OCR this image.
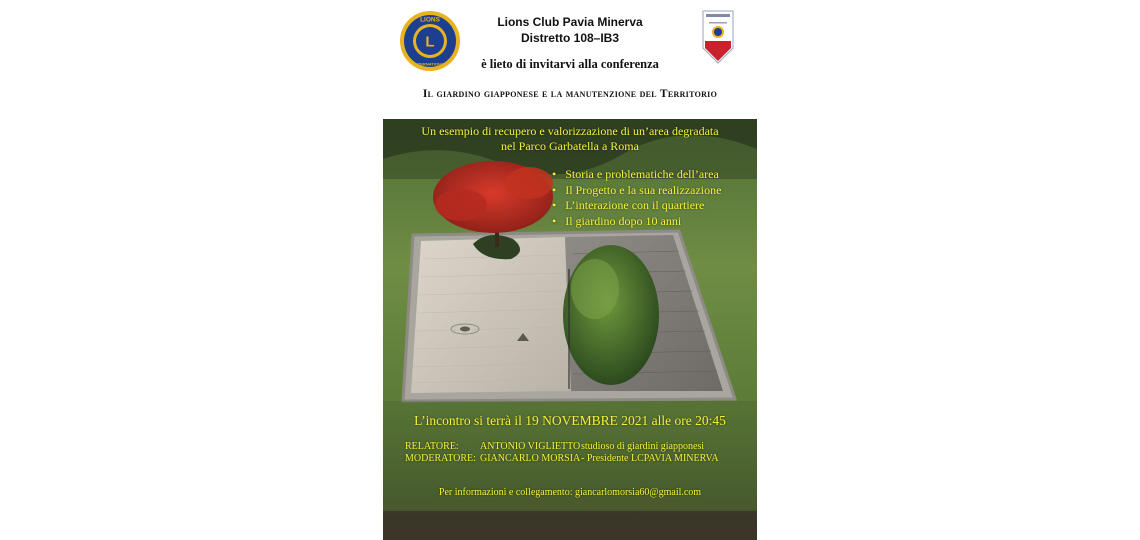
LIONS
L
INTERNATIONAL
Lions Club Pavia Minerva
Distretto 108–IB3
è lieto di invitarvi alla conferenza
Il giardino giapponese e la manutenzione del Territorio
Un esempio di recupero e valorizzazione di un’area degradata
nel Parco Garbatella a Roma
• Storia e problematiche dell’area
• Il Progetto e la sua realizzazione
• L’interazione con il quartiere
• Il giardino dopo 10 anni
L’incontro si terrà il 19 NOVEMBRE 2021 alle ore 20:45
RELATORE: ANTONIO VIGLIETTO studioso di giardini giapponesi
MODERATORE: GIANCARLO MORSIA - Presidente LCPAVIA MINERVA
Per informazioni e collegamento: giancarlomorsia60@gmail.com
